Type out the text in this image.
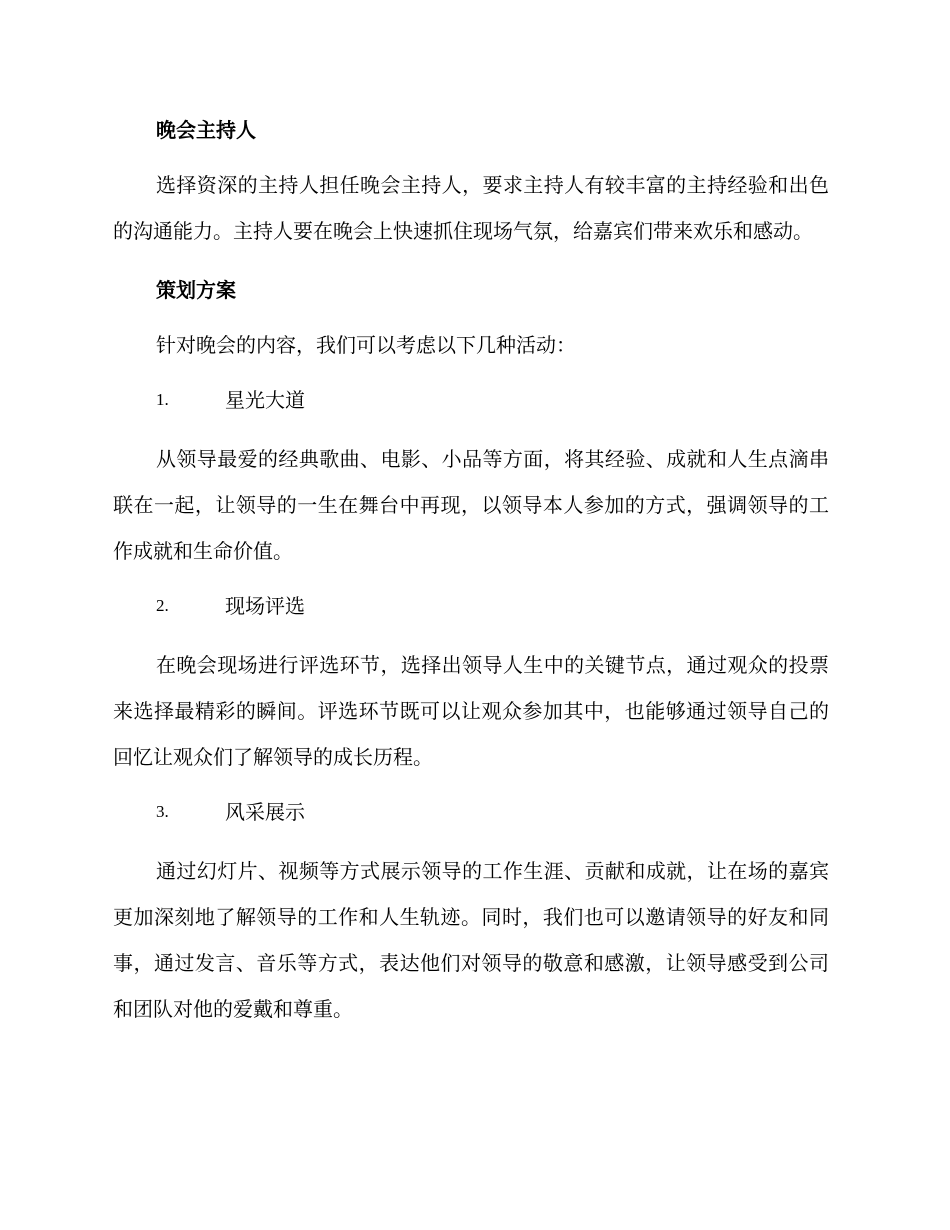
晚会主持人

选择资深的主持人担任晚会主持人，要求主持人有较丰富的主持经验和出色的沟通能力。主持人要在晚会上快速抓住现场气氛，给嘉宾们带来欢乐和感动。

策划方案

针对晚会的内容，我们可以考虑以下几种活动：

1.	星光大道

从领导最爱的经典歌曲、电影、小品等方面，将其经验、成就和人生点滴串联在一起，让领导的一生在舞台中再现，以领导本人参加的方式，强调领导的工作成就和生命价值。

2.	现场评选

在晚会现场进行评选环节，选择出领导人生中的关键节点，通过观众的投票来选择最精彩的瞬间。评选环节既可以让观众参加其中，也能够通过领导自己的回忆让观众们了解领导的成长历程。

3.	风采展示

通过幻灯片、视频等方式展示领导的工作生涯、贡献和成就，让在场的嘉宾更加深刻地了解领导的工作和人生轨迹。同时，我们也可以邀请领导的好友和同事，通过发言、音乐等方式，表达他们对领导的敬意和感激，让领导感受到公司和团队对他的爱戴和尊重。
